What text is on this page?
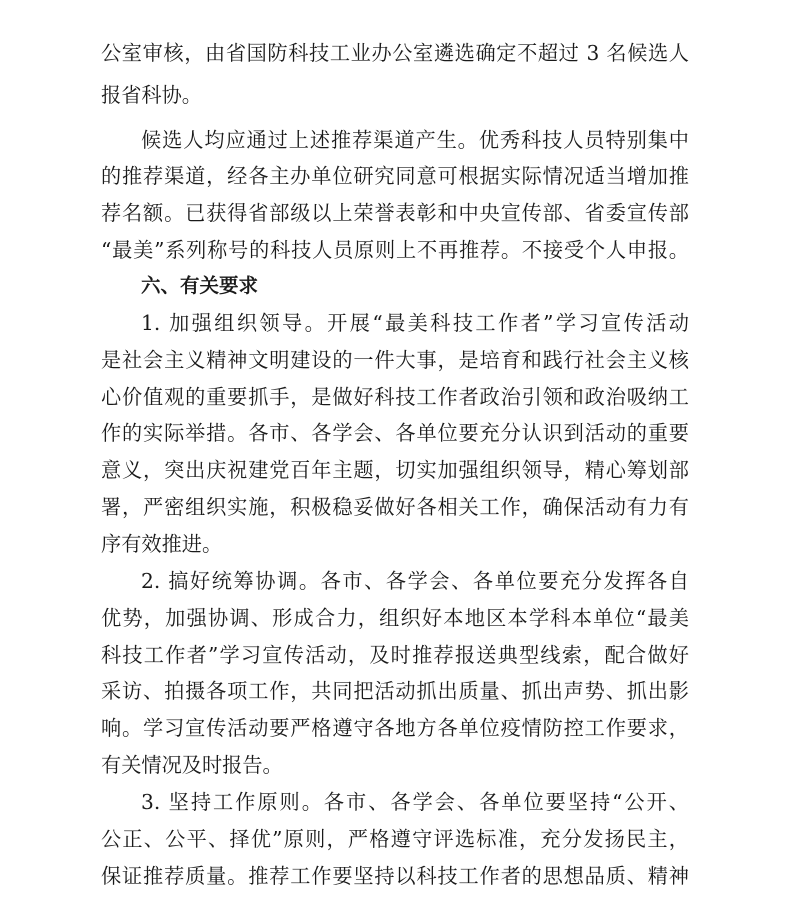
公室审核，由省国防科技工业办公室遴选确定不超过 3 名候选人
报省科协。
候选人均应通过上述推荐渠道产生。优秀科技人员特别集中
的推荐渠道，经各主办单位研究同意可根据实际情况适当增加推
荐名额。已获得省部级以上荣誉表彰和中央宣传部、省委宣传部
“最美”系列称号的科技人员原则上不再推荐。不接受个人申报。
六、有关要求
1. 加强组织领导。开展“最美科技工作者”学习宣传活动
是社会主义精神文明建设的一件大事，是培育和践行社会主义核
心价值观的重要抓手，是做好科技工作者政治引领和政治吸纳工
作的实际举措。各市、各学会、各单位要充分认识到活动的重要
意义，突出庆祝建党百年主题，切实加强组织领导，精心筹划部
署，严密组织实施，积极稳妥做好各相关工作，确保活动有力有
序有效推进。
2. 搞好统筹协调。各市、各学会、各单位要充分发挥各自
优势，加强协调、形成合力，组织好本地区本学科本单位“最美
科技工作者”学习宣传活动，及时推荐报送典型线索，配合做好
采访、拍摄各项工作，共同把活动抓出质量、抓出声势、抓出影
响。学习宣传活动要严格遵守各地方各单位疫情防控工作要求，
有关情况及时报告。
3. 坚持工作原则。各市、各学会、各单位要坚持“公开、
公正、公平、择优”原则，严格遵守评选标准，充分发扬民主，
保证推荐质量。推荐工作要坚持以科技工作者的思想品质、精神
